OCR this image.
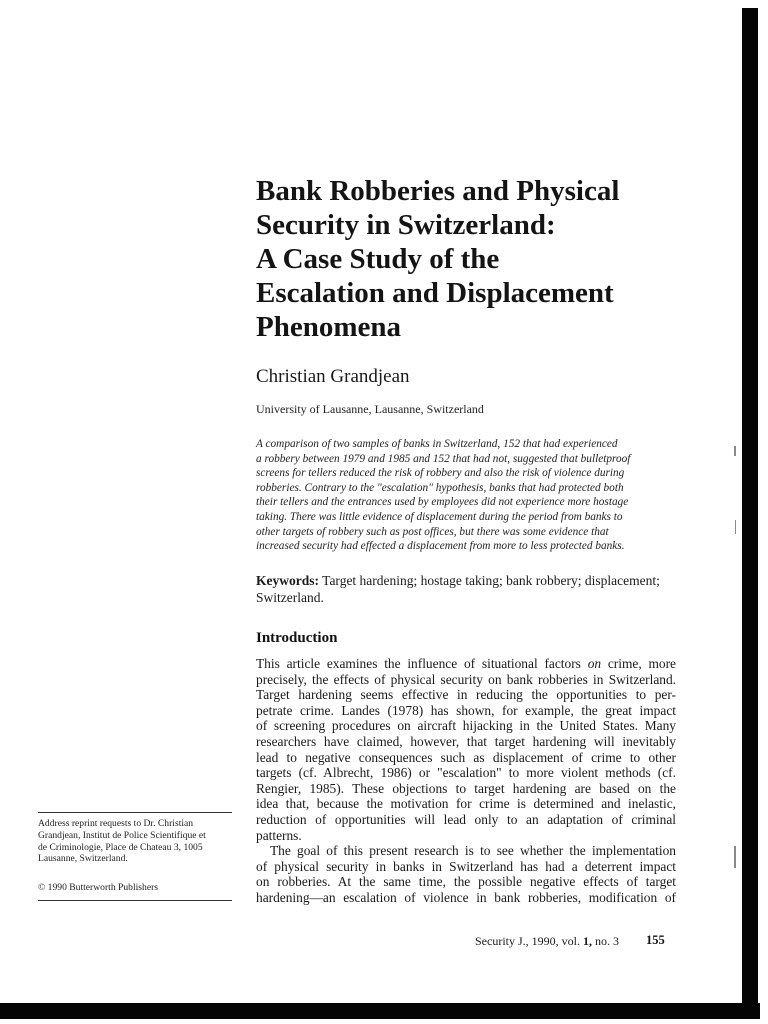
Bank Robberies and Physical
Security in Switzerland:
A Case Study of the
Escalation and Displacement
Phenomena
Christian Grandjean
University of Lausanne, Lausanne, Switzerland
A comparison of two samples of banks in Switzerland, 152 that had experienced
a robbery between 1979 and 1985 and 152 that had not, suggested that bulletproof
screens for tellers reduced the risk of robbery and also the risk of violence during
robberies. Contrary to the "escalation" hypothesis, banks that had protected both
their tellers and the entrances used by employees did not experience more hostage
taking. There was little evidence of displacement during the period from banks to
other targets of robbery such as post offices, but there was some evidence that
increased security had effected a displacement from more to less protected banks.
Keywords: Target hardening; hostage taking; bank robbery; displacement; Switzerland.
Introduction
This article examines the influence of situational factors on crime, more
precisely, the effects of physical security on bank robberies in Switzerland.
Target hardening seems effective in reducing the opportunities to per-
petrate crime. Landes (1978) has shown, for example, the great impact
of screening procedures on aircraft hijacking in the United States. Many
researchers have claimed, however, that target hardening will inevitably
lead to negative consequences such as displacement of crime to other
targets (cf. Albrecht, 1986) or "escalation" to more violent methods (cf.
Rengier, 1985). These objections to target hardening are based on the
idea that, because the motivation for crime is determined and inelastic,
reduction of opportunities will lead only to an adaptation of criminal
patterns.
The goal of this present research is to see whether the implementation
of physical security in banks in Switzerland has had a deterrent impact
on robberies. At the same time, the possible negative effects of target
hardening—an escalation of violence in bank robberies, modification of
Address reprint requests to Dr. Christian
Grandjean, Institut de Police Scientifique et
de Criminologie, Place de Chateau 3, 1005
Lausanne, Switzerland.
© 1990 Butterworth Publishers
Security J., 1990, vol. 1, no. 3 155
